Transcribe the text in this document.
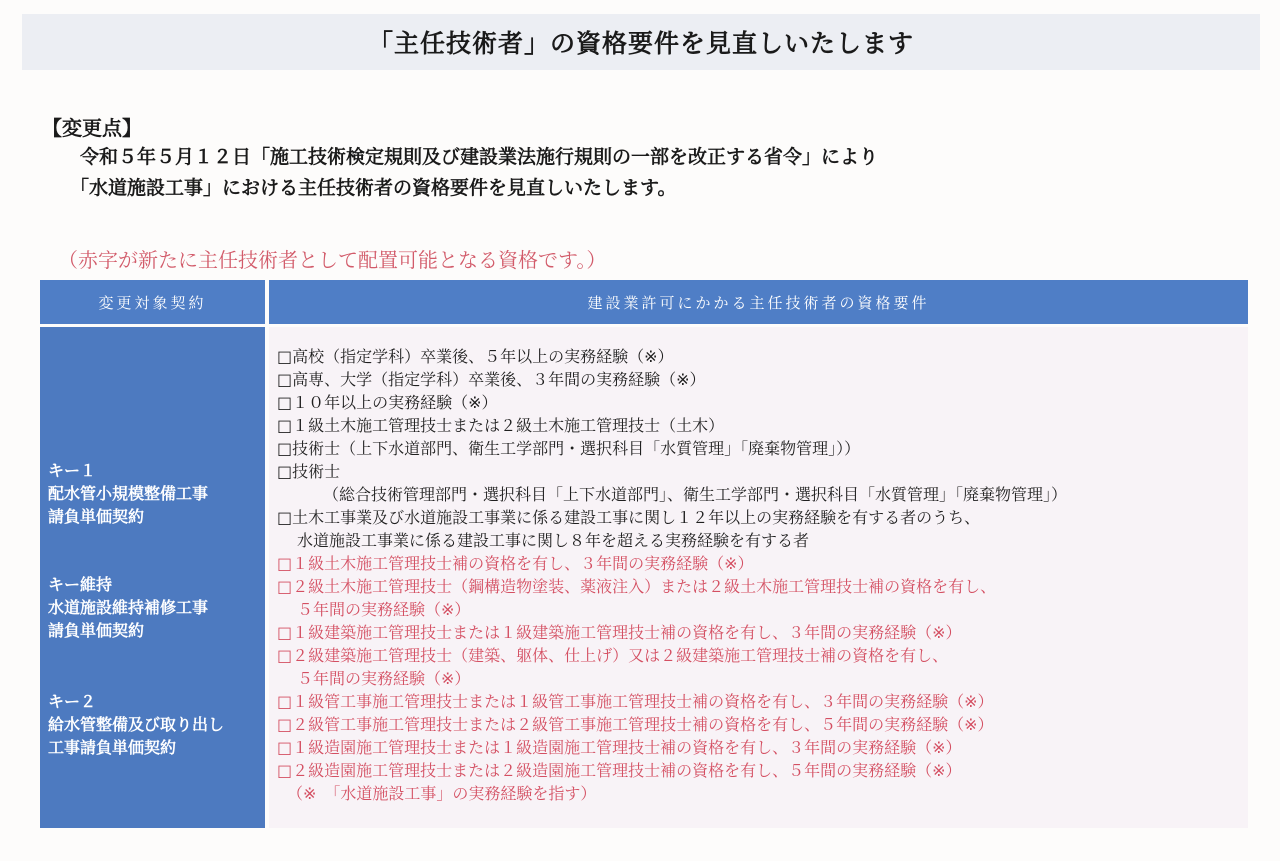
「主任技術者」の資格要件を見直しいたします
【変更点】

令和５年５月１２日「施工技術検定規則及び建設業法施行規則の一部を改正する省令」により

「水道施設工事」における主任技術者の資格要件を見直しいたします。

（赤字が新たに主任技術者として配置可能となる資格です。）
変更対象契約	建設業許可にかかる主任技術者の資格要件
キー１
配水管小規模整備工事
請負単価契約
キー維持
水道施設維持補修工事
請負単価契約
キー２
給水管整備及び取り出し
工事請負単価契約
□高校（指定学科）卒業後、５年以上の実務経験（※）
□高専、大学（指定学科）卒業後、３年間の実務経験（※）
□１０年以上の実務経験（※）
□１級土木施工管理技士または２級土木施工管理技士（土木）
□技術士（上下水道部門、衛生工学部門・選択科目「水質管理」「廃棄物管理」））
□技術士
（総合技術管理部門・選択科目「上下水道部門」、衛生工学部門・選択科目「水質管理」「廃棄物管理」）
□土木工事業及び水道施設工事業に係る建設工事に関し１２年以上の実務経験を有する者のうち、
水道施設工事業に係る建設工事に関し８年を超える実務経験を有する者
□１級土木施工管理技士補の資格を有し、３年間の実務経験（※）
□２級土木施工管理技士（鋼構造物塗装、薬液注入）または２級土木施工管理技士補の資格を有し、
５年間の実務経験（※）
□１級建築施工管理技士または１級建築施工管理技士補の資格を有し、３年間の実務経験（※）
□２級建築施工管理技士（建築、躯体、仕上げ）又は２級建築施工管理技士補の資格を有し、
５年間の実務経験（※）
□１級管工事施工管理技士または１級管工事施工管理技士補の資格を有し、３年間の実務経験（※）
□２級管工事施工管理技士または２級管工事施工管理技士補の資格を有し、５年間の実務経験（※）
□１級造園施工管理技士または１級造園施工管理技士補の資格を有し、３年間の実務経験（※）
□２級造園施工管理技士または２級造園施工管理技士補の資格を有し、５年間の実務経験（※）
（※　「水道施設工事」の実務経験を指す）
